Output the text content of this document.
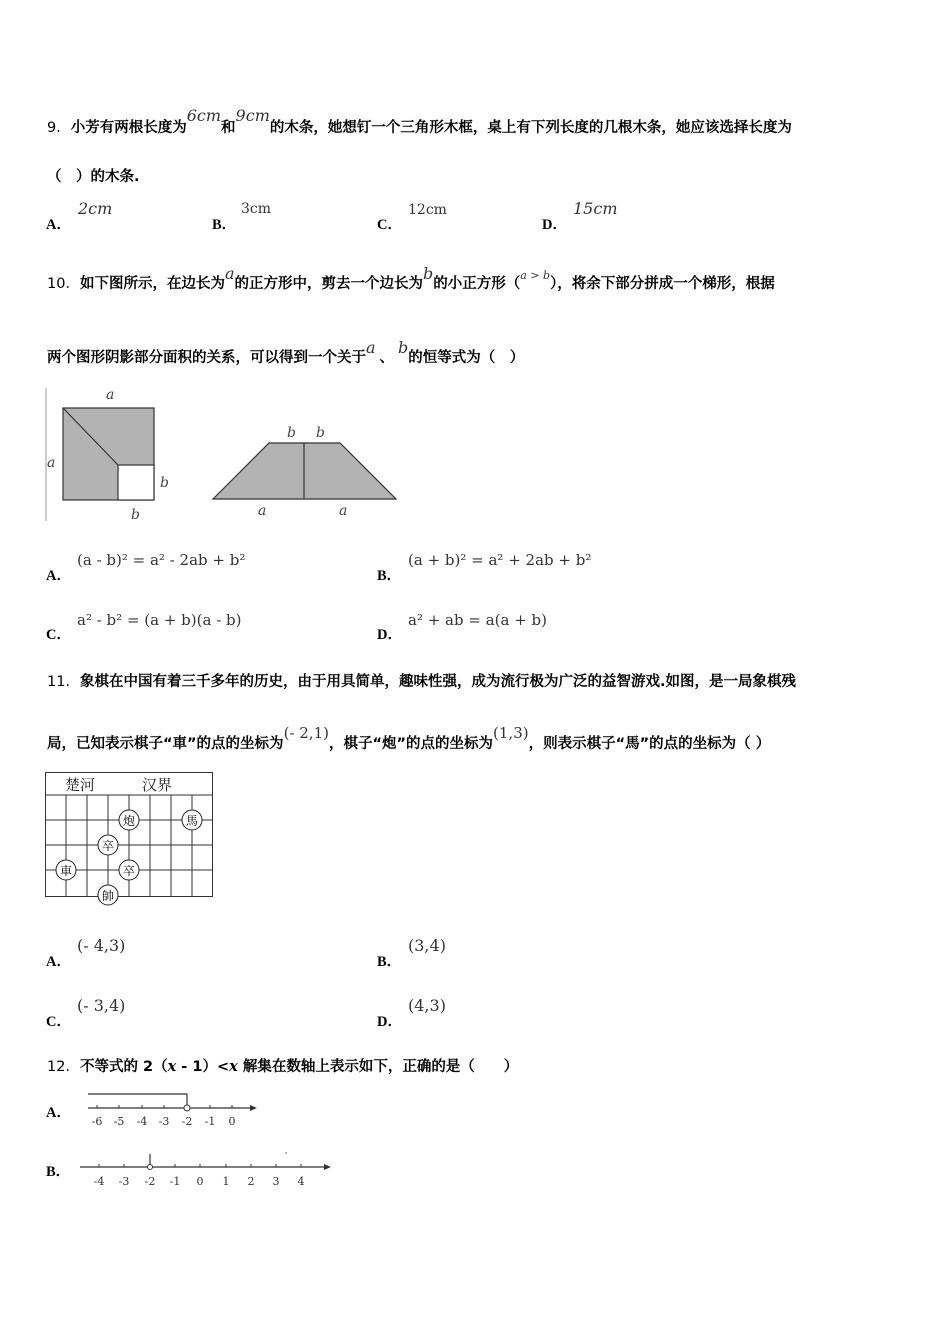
9．小芳有两根长度为6cm和9cm的木条，她想钉一个三角形木框，桌上有下列长度的几根木条，她应该选择长度为
（　）的木条.
A．
2cm
B．
3cm
C．
12cm
D．
15cm
10．如下图所示，在边长为a的正方形中，剪去一个边长为b的小正方形（$^{a > b}$），将余下部分拼成一个梯形，根据
两个图形阴影部分面积的关系，可以得到一个关于a、b的恒等式为（　）
a
a
b
b
b b
a	a
A．
(a - b)² = a² - 2ab + b²
B．
(a + b)² = a² + 2ab + b²
C．
a² - b² = (a + b)(a - b)
D．
a² + ab = a(a + b)
11．象棋在中国有着三千多年的历史，由于用具简单，趣味性强，成为流行极为广泛的益智游戏.如图，是一局象棋残
局，已知表示棋子“車”的点的坐标为(- 2,1)，棋子“炮”的点的坐标为(1,3)，则表示棋子“馬”的点的坐标为（ ）
楚河	汉界
炮	馬
卒
卒
車
帥
A．
(- 4,3)
B．
(3,4)
C．
(- 3,4)
D．
(4,3)
12．不等式的 2（x - 1）<x 解集在数轴上表示如下，正确的是（　　）
A．
-6 -5 -4 -3 -2 -1 0
B．
-4 -3 -2 -1 0 1 2 3 4
